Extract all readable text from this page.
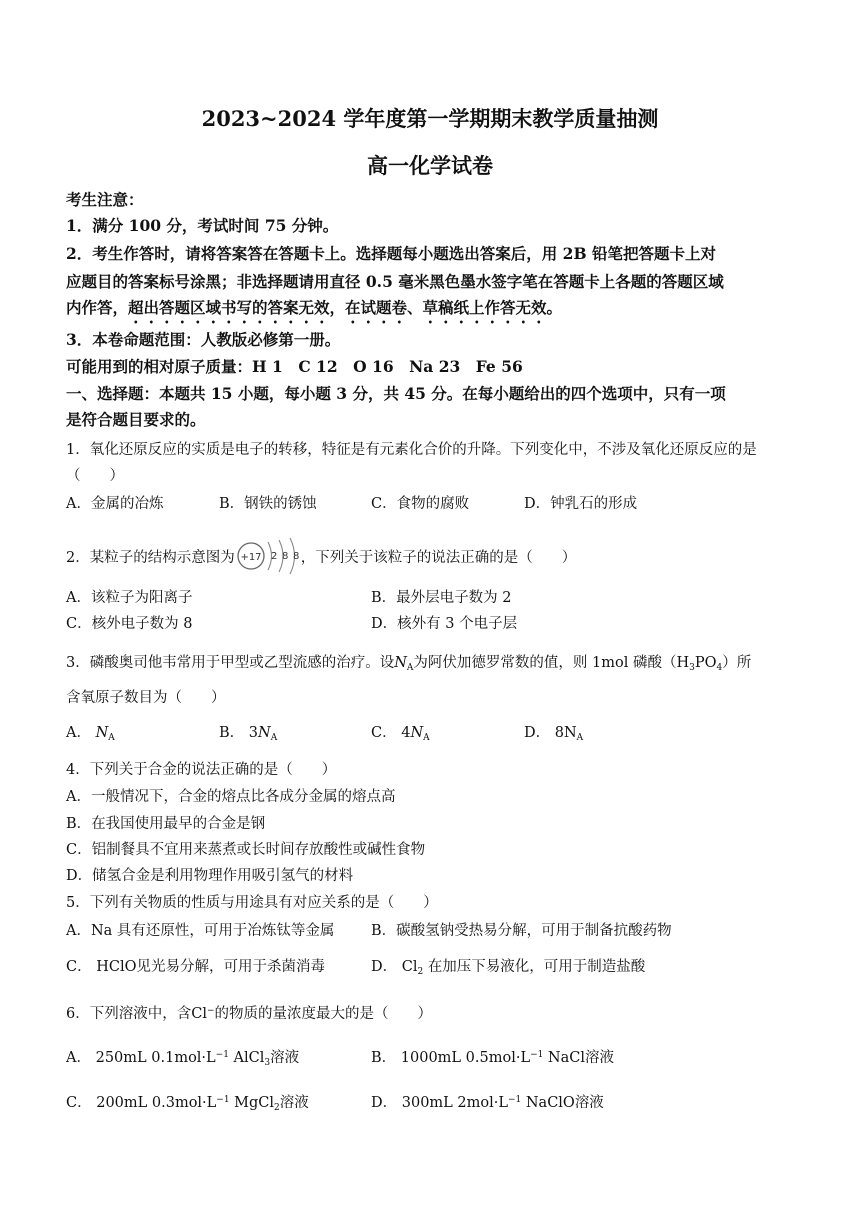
2023~2024 学年度第一学期期末教学质量抽测
高一化学试卷
考生注意：
1．满分 100 分，考试时间 75 分钟。
2．考生作答时，请将答案答在答题卡上。选择题每小题选出答案后，用 2B 铅笔把答题卡上对
应题目的答案标号涂黑；非选择题请用直径 0.5 毫米黑色墨水签字笔在答题卡上各题的答题区域
内作答，超出答题区域书写的答案无效，在试题卷、草稿纸上作答无效。
3．本卷命题范围：人教版必修第一册。
可能用到的相对原子质量：H 1　C 12　O 16　Na 23　Fe 56
一、选择题：本题共 15 小题，每小题 3 分，共 45 分。在每小题给出的四个选项中，只有一项
是符合题目要求的。
1．氧化还原反应的实质是电子的转移，特征是有元素化合价的升降。下列变化中，不涉及氧化还原反应的是
（　　）
A．金属的冶炼	B．钢铁的锈蚀	C．食物的腐败	D．钟乳石的形成
2．某粒子的结构示意图为 +17 2 8 8 ，下列关于该粒子的说法正确的是（　　）
A．该粒子为阳离子	B．最外层电子数为 2
C．核外电子数为 8	D．核外有 3 个电子层
3．磷酸奥司他韦常用于甲型或乙型流感的治疗。设$N_A$为阿伏加德罗常数的值，则 1mol 磷酸$(H_3PO_4)$所
含氧原子数目为（　　）
A． $N_A$	B． $3N_A$	C． $4N_A$	D． $8N_A$
4．下列关于合金的说法正确的是（　　）
A．一般情况下，合金的熔点比各成分金属的熔点高
B．在我国使用最早的合金是钢
C．铝制餐具不宜用来蒸煮或长时间存放酸性或碱性食物
D．储氢合金是利用物理作用吸引氢气的材料
5．下列有关物质的性质与用途具有对应关系的是（　　）
A．Na 具有还原性，可用于冶炼钛等金属	B．碳酸氢钠受热易分解，可用于制备抗酸药物
C． HClO见光易分解，可用于杀菌消毒	D． $Cl_2$ 在加压下易液化，可用于制造盐酸
6．下列溶液中，含Cl−的物质的量浓度最大的是（　　）
A． 250mL $0.1mol\cdot L^{-1}$ AlCl$_3$溶液	B． 1000mL $0.5mol\cdot L^{-1}$ NaCl溶液
C． 200mL $0.3mol\cdot L^{-1}$ MgCl$_2$溶液	D． 300mL $2mol\cdot L^{-1}$ NaClO溶液
